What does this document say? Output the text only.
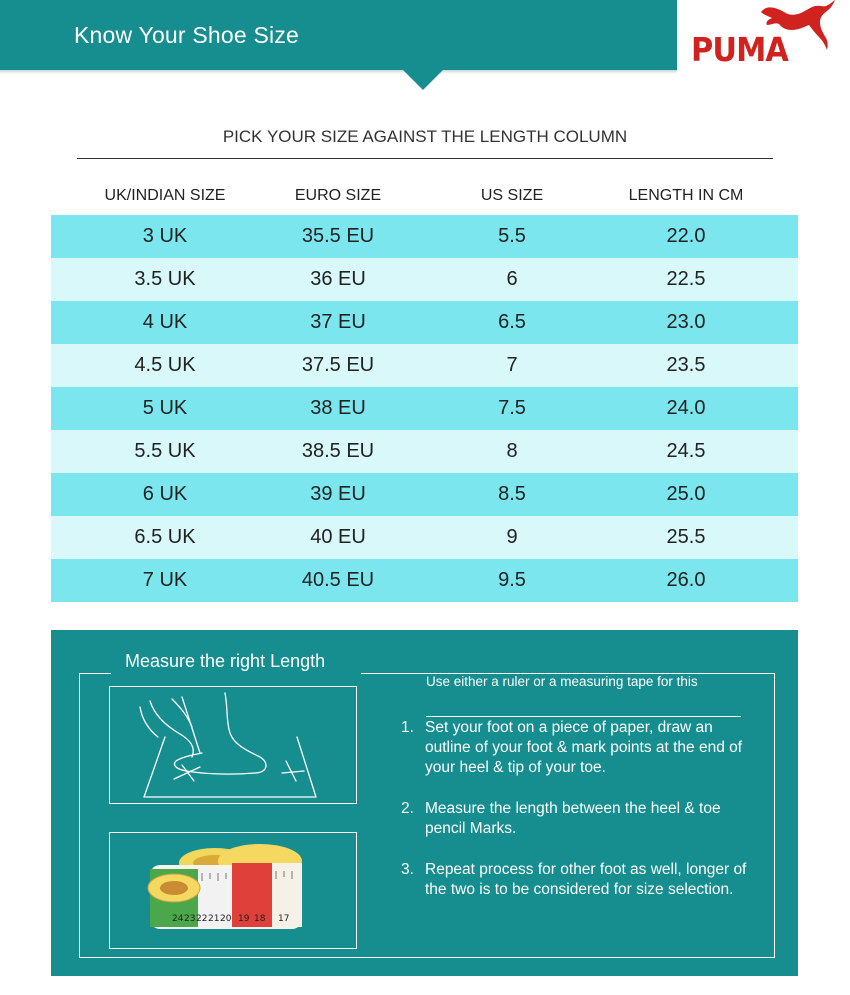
Know Your Shoe Size	PUMA
PICK YOUR SIZE AGAINST THE LENGTH COLUMN
UK/INDIAN SIZE	EURO SIZE	US SIZE	LENGTH IN CM
3 UK	35.5 EU	5.5	22.0
3.5 UK	36 EU	6	22.5
4 UK	37 EU	6.5	23.0
4.5 UK	37.5 EU	7	23.5
5 UK	38 EU	7.5	24.0
5.5 UK	38.5 EU	8	24.5
6 UK	39 EU	8.5	25.0
6.5 UK	40 EU	9	25.5
7 UK	40.5 EU	9.5	26.0
Measure the right Length
Use either a ruler or a measuring tape for this
24 23 22 21 20 19 18 17
1. Set your foot on a piece of paper, draw an outline of your foot & mark points at the end of your heel & tip of your toe.
2. Measure the length between the heel & toe pencil Marks.
3. Repeat process for other foot as well, longer of the two is to be considered for size selection.
